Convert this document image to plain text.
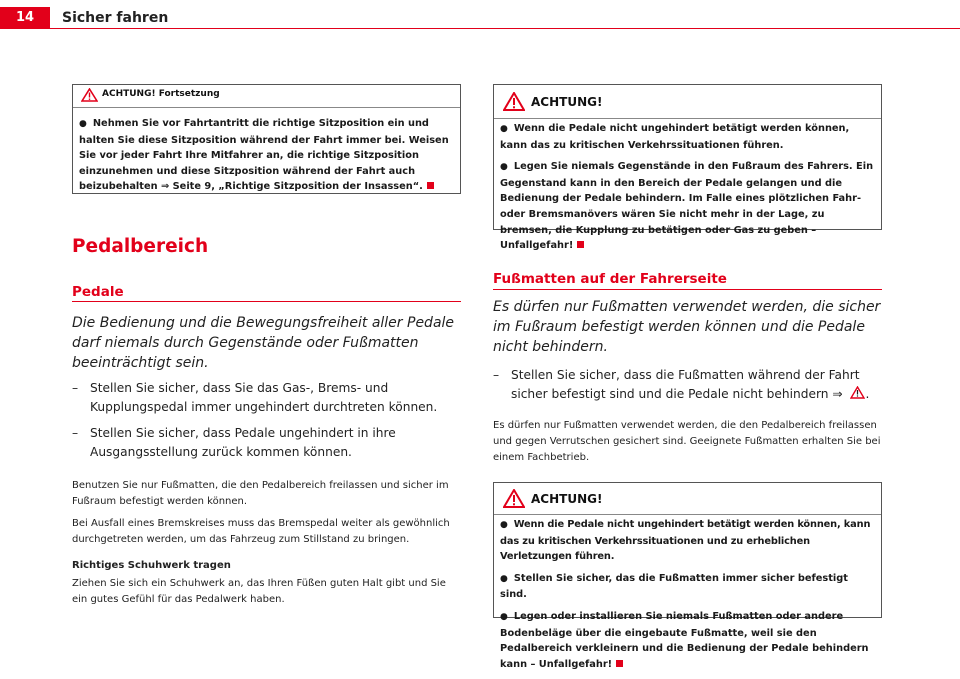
14	Sicher fahren
ACHTUNG! Fortsetzung

● Nehmen Sie vor Fahrtantritt die richtige Sitzposition ein und halten Sie diese Sitzposition während der Fahrt immer bei. Weisen Sie vor jeder Fahrt Ihre Mitfahrer an, die richtige Sitzposition einzunehmen und diese Sitzposition während der Fahrt auch beizubehalten ⇒ Seite 9, „Richtige Sitzposition der Insassen“.

Pedalbereich
Pedale
Die Bedienung und die Bewegungsfreiheit aller Pedale darf niemals durch Gegenstände oder Fußmatten beeinträchtigt sein.
– Stellen Sie sicher, dass Sie das Gas-, Brems- und Kupplungspedal immer ungehindert durchtreten können.
– Stellen Sie sicher, dass Pedale ungehindert in ihre Ausgangsstellung zurück kommen können.

Benutzen Sie nur Fußmatten, die den Pedalbereich freilassen und sicher im Fußraum befestigt werden können.

Bei Ausfall eines Bremskreises muss das Bremspedal weiter als gewöhnlich durchgetreten werden, um das Fahrzeug zum Stillstand zu bringen.

Richtiges Schuhwerk tragen

Ziehen Sie sich ein Schuhwerk an, das Ihren Füßen guten Halt gibt und Sie ein gutes Gefühl für das Pedalwerk haben.

ACHTUNG!

● Wenn die Pedale nicht ungehindert betätigt werden können, kann das zu kritischen Verkehrssituationen führen.

● Legen Sie niemals Gegenstände in den Fußraum des Fahrers. Ein Gegenstand kann in den Bereich der Pedale gelangen und die Bedienung der Pedale behindern. Im Falle eines plötzlichen Fahr- oder Bremsmanövers wären Sie nicht mehr in der Lage, zu bremsen, die Kupplung zu betätigen oder Gas zu geben – Unfallgefahr!

Fußmatten auf der Fahrerseite
Es dürfen nur Fußmatten verwendet werden, die sicher im Fußraum befestigt werden können und die Pedale nicht behindern.
– Stellen Sie sicher, dass die Fußmatten während der Fahrt sicher befestigt sind und die Pedale nicht behindern ⇒ .

Es dürfen nur Fußmatten verwendet werden, die den Pedalbereich freilassen und gegen Verrutschen gesichert sind. Geeignete Fußmatten erhalten Sie bei einem Fachbetrieb.

ACHTUNG!

● Wenn die Pedale nicht ungehindert betätigt werden können, kann das zu kritischen Verkehrssituationen und zu erheblichen Verletzungen führen.

● Stellen Sie sicher, das die Fußmatten immer sicher befestigt sind.

● Legen oder installieren Sie niemals Fußmatten oder andere Bodenbeläge über die eingebaute Fußmatte, weil sie den Pedalbereich verkleinern und die Bedienung der Pedale behindern kann – Unfallgefahr!
